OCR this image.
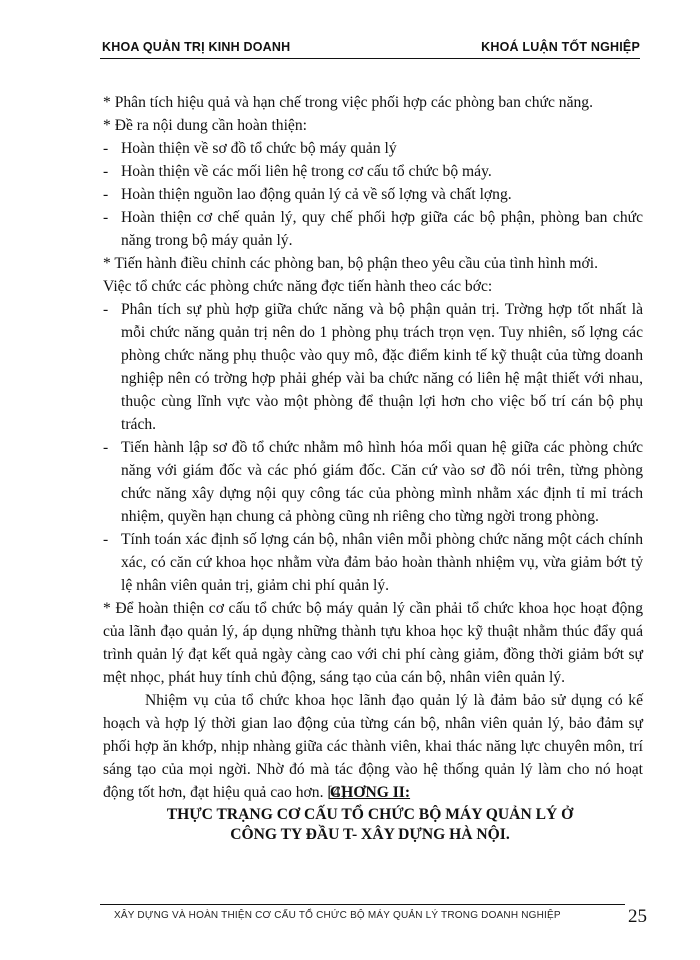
KHOA QUẢN TRỊ KINH DOANH	KHOÁ LUẬN TỐT NGHIỆP

* Phân tích hiệu quả và hạn chế trong việc phối hợp các phòng ban chức năng.

* Đề ra nội dung cần hoàn thiện:

- Hoàn thiện về sơ đồ tổ chức bộ máy quản lý
- Hoàn thiện về các mối liên hệ trong cơ cấu tổ chức bộ máy.
- Hoàn thiện nguồn lao động quản lý cả về số lợng và chất lợng.
- Hoàn thiện cơ chế quản lý, quy chế phối hợp giữa các bộ phận, phòng ban chức năng trong bộ máy quản lý.

* Tiến hành điều chỉnh các phòng ban, bộ phận theo yêu cầu của tình hình mới.

Việc tổ chức các phòng chức năng đợc tiến hành theo các bớc:

- Phân tích sự phù hợp giữa chức năng và bộ phận quản trị. Trờng hợp tốt nhất là mỗi chức năng quản trị nên do 1 phòng phụ trách trọn vẹn. Tuy nhiên, số lợng các phòng chức năng phụ thuộc vào quy mô, đặc điểm kinh tế kỹ thuật của từng doanh nghiệp nên có trờng hợp phải ghép vài ba chức năng có liên hệ mật thiết với nhau, thuộc cùng lĩnh vực vào một phòng để thuận lợi hơn cho việc bố trí cán bộ phụ trách.
- Tiến hành lập sơ đồ tổ chức nhằm mô hình hóa mối quan hệ giữa các phòng chức năng với giám đốc và các phó giám đốc. Căn cứ vào sơ đồ nói trên, từng phòng chức năng xây dựng nội quy công tác của phòng mình nhằm xác định tỉ mỉ trách nhiệm, quyền hạn chung cả phòng cũng nh riêng cho từng ngời trong phòng.
- Tính toán xác định số lợng cán bộ, nhân viên mỗi phòng chức năng một cách chính xác, có căn cứ khoa học nhằm vừa đảm bảo hoàn thành nhiệm vụ, vừa giảm bớt tỷ lệ nhân viên quản trị, giảm chi phí quản lý.

* Để hoàn thiện cơ cấu tổ chức bộ máy quản lý cần phải tổ chức khoa học hoạt động của lãnh đạo quản lý, áp dụng những thành tựu khoa học kỹ thuật nhằm thúc đẩy quá trình quản lý đạt kết quả ngày càng cao với chi phí càng giảm, đồng thời giảm bớt sự mệt nhọc, phát huy tính chủ động, sáng tạo của cán bộ, nhân viên quản lý.

Nhiệm vụ của tổ chức khoa học lãnh đạo quản lý là đảm bảo sử dụng có kế hoạch và hợp lý thời gian lao động của từng cán bộ, nhân viên quản lý, bảo đảm sự phối hợp ăn khớp, nhịp nhàng giữa các thành viên, khai thác năng lực chuyên môn, trí sáng tạo của mọi ngời. Nhờ đó mà tác động vào hệ thống quản lý làm cho nó hoạt động tốt hơn, đạt hiệu quả cao hơn. [4]

CHƠNG II:
THỰC TRẠNG CƠ CẤU TỔ CHỨC BỘ MÁY QUẢN LÝ Ở
CÔNG TY ĐẦU T- XÂY DỰNG HÀ NỘI.
XÂY DỰNG VÀ HOÀN THIỆN CƠ CẤU TỔ CHỨC BỘ MÁY QUẢN LÝ TRONG DOANH NGHIỆP	25
